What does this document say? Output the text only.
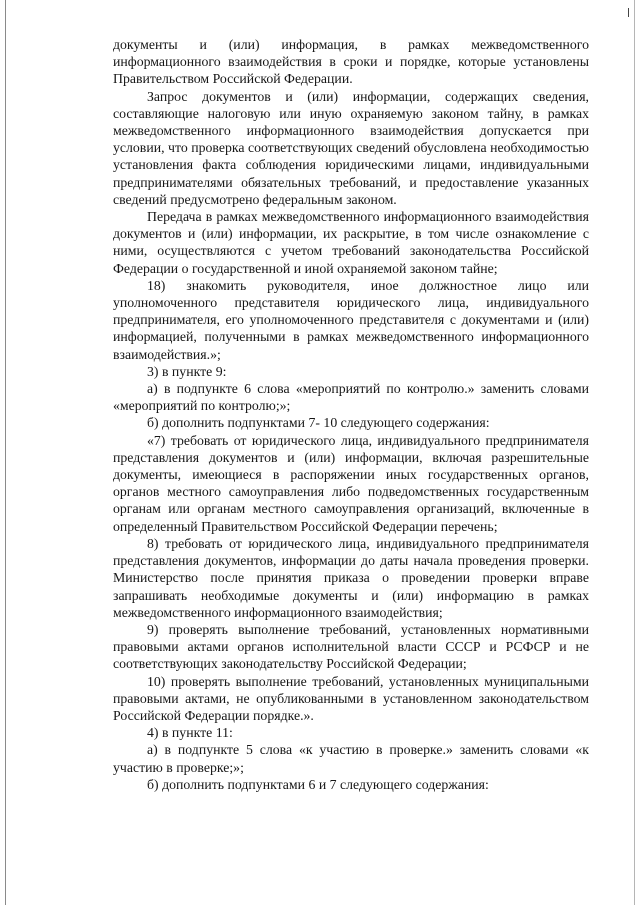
документы и (или) информация, в рамках межведомственного информационного взаимодействия в сроки и порядке, которые установлены Правительством Российской Федерации.

Запрос документов и (или) информации, содержащих сведения, составляющие налоговую или иную охраняемую законом тайну, в рамках межведомственного информационного взаимодействия допускается при условии, что проверка соответствующих сведений обусловлена необходимостью установления факта соблюдения юридическими лицами, индивидуальными предпринимателями обязательных требований, и предоставление указанных сведений предусмотрено федеральным законом.

Передача в рамках межведомственного информационного взаимодействия документов и (или) информации, их раскрытие, в том числе ознакомление с ними, осуществляются с учетом требований законодательства Российской Федерации о государственной и иной охраняемой законом тайне;

18) знакомить руководителя, иное должностное лицо или уполномоченного представителя юридического лица, индивидуального предпринимателя, его уполномоченного представителя с документами и (или) информацией, полученными в рамках межведомственного информационного взаимодействия.»;

3) в пункте 9:

а) в подпункте 6 слова «мероприятий по контролю.» заменить словами «мероприятий по контролю;»;

б) дополнить подпунктами 7- 10 следующего содержания:

«7) требовать от юридического лица, индивидуального предпринимателя представления документов и (или) информации, включая разрешительные документы, имеющиеся в распоряжении иных государственных органов, органов местного самоуправления либо подведомственных государственным органам или органам местного самоуправления организаций, включенные в определенный Правительством Российской Федерации перечень;

8) требовать от юридического лица, индивидуального предпринимателя представления документов, информации до даты начала проведения проверки. Министерство после принятия приказа о проведении проверки вправе запрашивать необходимые документы и (или) информацию в рамках межведомственного информационного взаимодействия;

9) проверять выполнение требований, установленных нормативными правовыми актами органов исполнительной власти СССР и РСФСР и не соответствующих законодательству Российской Федерации;

10) проверять выполнение требований, установленных муниципальными правовыми актами, не опубликованными в установленном законодательством Российской Федерации порядке.».

4) в пункте 11:

а) в подпункте 5 слова «к участию в проверке.» заменить словами «к участию в проверке;»;

б) дополнить подпунктами 6 и 7 следующего содержания:
